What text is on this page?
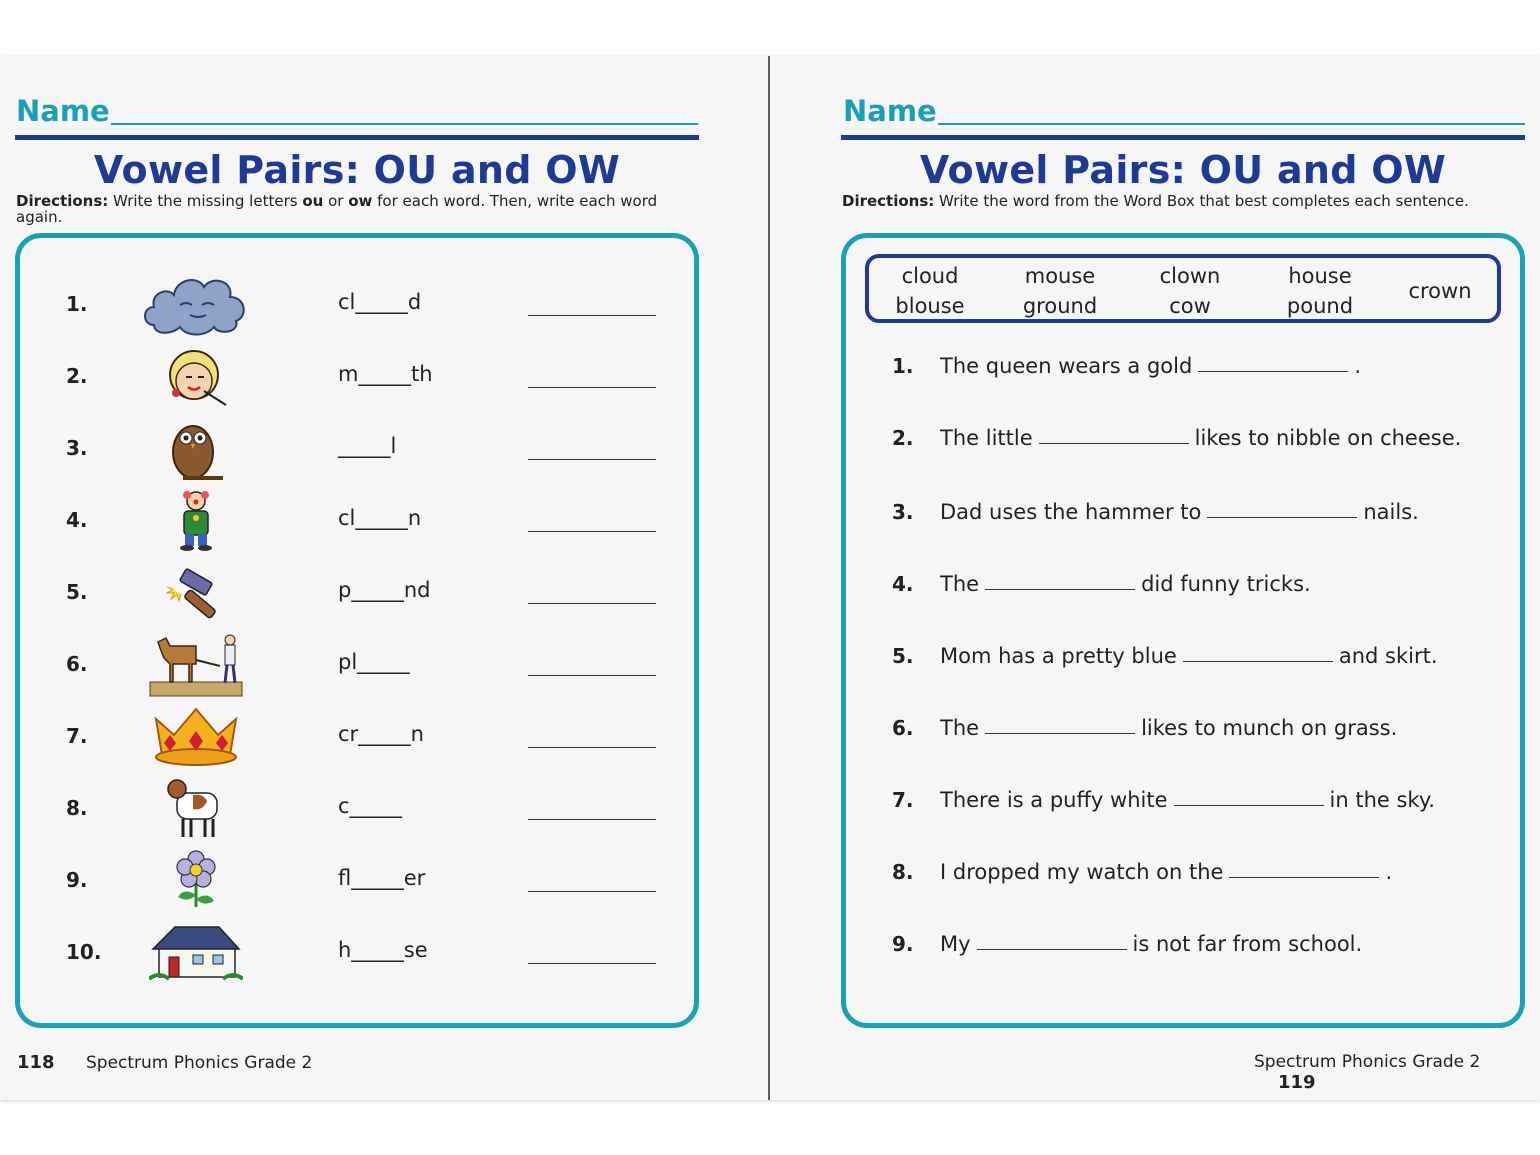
Name
Vowel Pairs: OU and OW
Directions: Write the missing letters ou or ow for each word. Then, write each word again.
1.	cl_____d
2.	m_____th
3.	_____l
4.	cl_____n
5.	p_____nd
6.	pl_____
7.	cr_____n
8.	c_____
9.	fl_____er
10.	h_____se
118 Spectrum Phonics Grade 2
Name
Vowel Pairs: OU and OW
Directions: Write the word from the Word Box that best completes each sentence.
cloud
blouse
mouse
ground
clown
cow
house
pound
crown
1. The queen wears a gold	.
2. The little	likes to nibble on cheese.
3. Dad uses the hammer to	nails.
4. The	did funny tricks.
5. Mom has a pretty blue	and skirt.
6. The	likes to munch on grass.
7. There is a puffy white	in the sky.
8. I dropped my watch on the	.
9. My	is not far from school.
Spectrum Phonics Grade 2 119
